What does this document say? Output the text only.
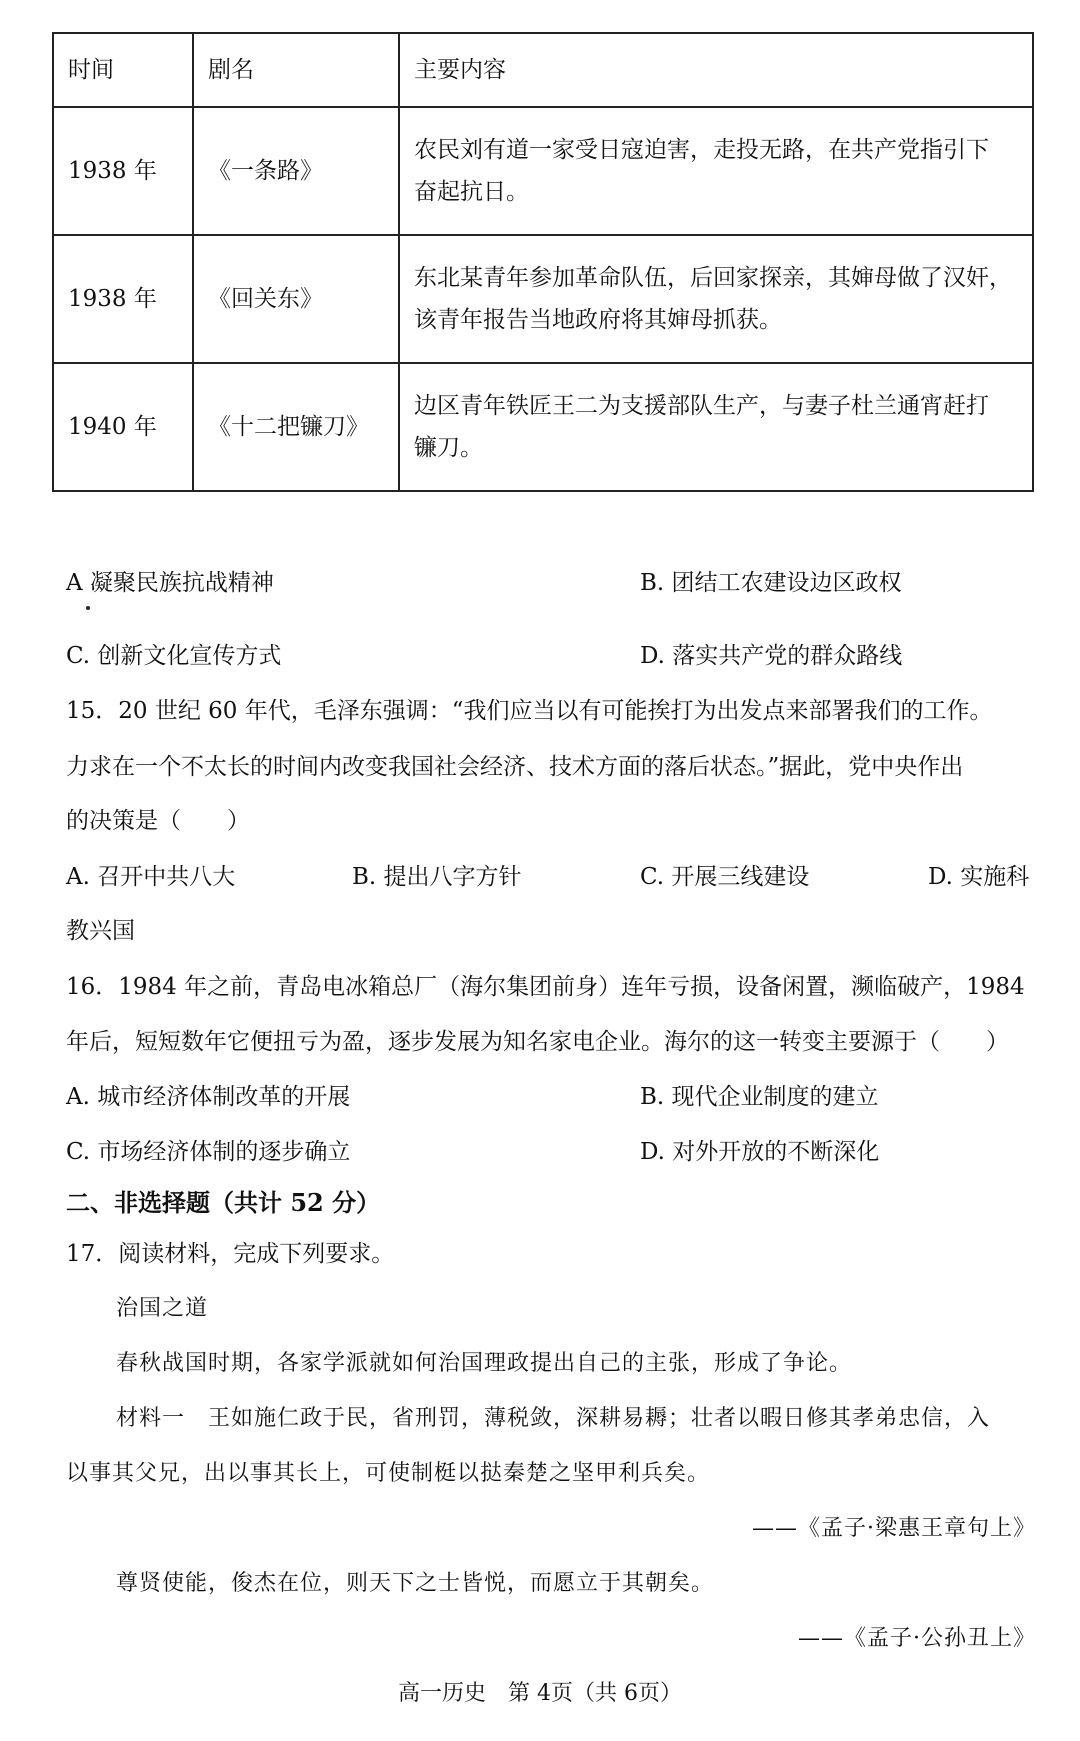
时间	剧名	主要内容
1938 年	《一条路》	农民刘有道一家受日寇迫害，走投无路，在共产党指引下
奋起抗日。

1938 年	《回关东》	东北某青年参加革命队伍，后回家探亲，其婶母做了汉奸，
该青年报告当地政府将其婶母抓获。

1940 年	《十二把镰刀》	边区青年铁匠王二为支援部队生产，与妻子杜兰通宵赶打
镰刀。
A 凝聚民族抗战精神	B. 团结工农建设边区政权
C. 创新文化宣传方式	D. 落实共产党的群众路线
15．20 世纪 60 年代，毛泽东强调：“我们应当以有可能挨打为出发点来部署我们的工作。
力求在一个不太长的时间内改变我国社会经济、技术方面的落后状态。”据此，党中央作出
的决策是（　　）
A. 召开中共八大	B. 提出八字方针	C. 开展三线建设	D. 实施科
教兴国
16．1984 年之前，青岛电冰箱总厂（海尔集团前身）连年亏损，设备闲置，濒临破产，1984
年后，短短数年它便扭亏为盈，逐步发展为知名家电企业。海尔的这一转变主要源于（　　）
A. 城市经济体制改革的开展	B. 现代企业制度的建立
C. 市场经济体制的逐步确立	D. 对外开放的不断深化
二、非选择题（共计 52 分）
17．阅读材料，完成下列要求。
治国之道
春秋战国时期，各家学派就如何治国理政提出自己的主张，形成了争论。
材料一　王如施仁政于民，省刑罚，薄税敛，深耕易耨；壮者以暇日修其孝弟忠信，入
以事其父兄，出以事其长上，可使制梃以挞秦楚之坚甲利兵矣。
——《孟子·梁惠王章句上》
尊贤使能，俊杰在位，则天下之士皆悦，而愿立于其朝矣。
——《孟子·公孙丑上》
高一历史　第 4页（共 6页）
